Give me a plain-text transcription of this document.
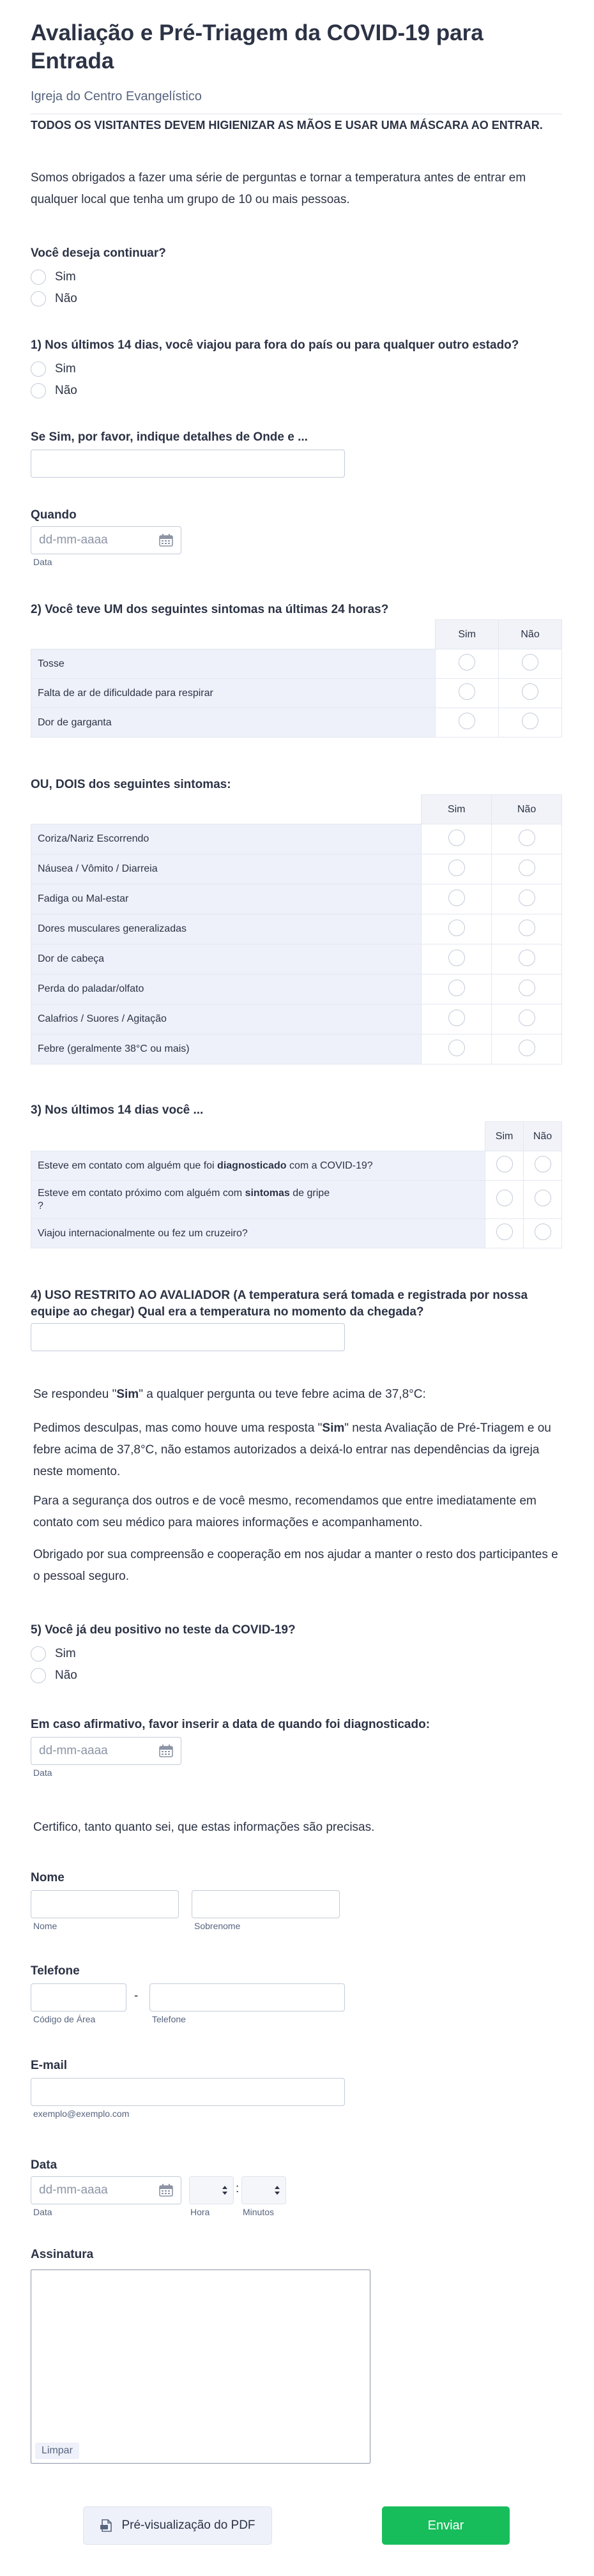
Avaliação e Pré-Triagem da COVID-19 para Entrada
Igreja do Centro Evangelístico
TODOS OS VISITANTES DEVEM HIGIENIZAR AS MÃOS E USAR UMA MÁSCARA AO ENTRAR.
Somos obrigados a fazer uma série de perguntas e tornar a temperatura antes de entrar em qualquer local que tenha um grupo de 10 ou mais pessoas.
Você deseja continuar?
Sim
Não
1) Nos últimos 14 dias, você viajou para fora do país ou para qualquer outro estado?
Sim
Não
Se Sim, por favor, indique detalhes de Onde e ...
Quando
dd-mm-aaaa
Data
2) Você teve UM dos seguintes sintomas na últimas 24 horas?
	Sim	Não
Tosse		
Falta de ar de dificuldade para respirar		
Dor de garganta		
OU, DOIS dos seguintes sintomas:
	Sim	Não
Coriza/Nariz Escorrendo		
Náusea / Vômito / Diarreia		
Fadiga ou Mal-estar		
Dores musculares generalizadas		
Dor de cabeça		
Perda do paladar/olfato		
Calafrios / Suores / Agitação		
Febre (geralmente 38°C ou mais)		
3) Nos últimos 14 dias você ...
	Sim	Não
Esteve em contato com alguém que foi diagnosticado com a COVID-19?		
Esteve em contato próximo com alguém com sintomas de gripe
?		
Viajou internacionalmente ou fez um cruzeiro?		
4) USO RESTRITO AO AVALIADOR (A temperatura será tomada e registrada por nossa equipe ao chegar) Qual era a temperatura no momento da chegada?
Se respondeu "Sim" a qualquer pergunta ou teve febre acima de 37,8°C:
Pedimos desculpas, mas como houve uma resposta "Sim" nesta Avaliação de Pré-Triagem e ou febre acima de 37,8°C, não estamos autorizados a deixá-lo entrar nas dependências da igreja neste momento.
Para a segurança dos outros e de você mesmo, recomendamos que entre imediatamente em contato com seu médico para maiores informações e acompanhamento.
Obrigado por sua compreensão e cooperação em nos ajudar a manter o resto dos participantes e o pessoal seguro.
5) Você já deu positivo no teste da COVID-19?
Sim
Não
Em caso afirmativo, favor inserir a data de quando foi diagnosticado:
dd-mm-aaaa
Data
Certifico, tanto quanto sei, que estas informações são precisas.
Nome
Nome	Sobrenome
Telefone
-
Código de Área	Telefone
E-mail
exemplo@exemplo.com
Data
dd-mm-aaaa	:
Data	Hora	Minutos
Assinatura
Limpar
Pré-visualização do PDF	Enviar
